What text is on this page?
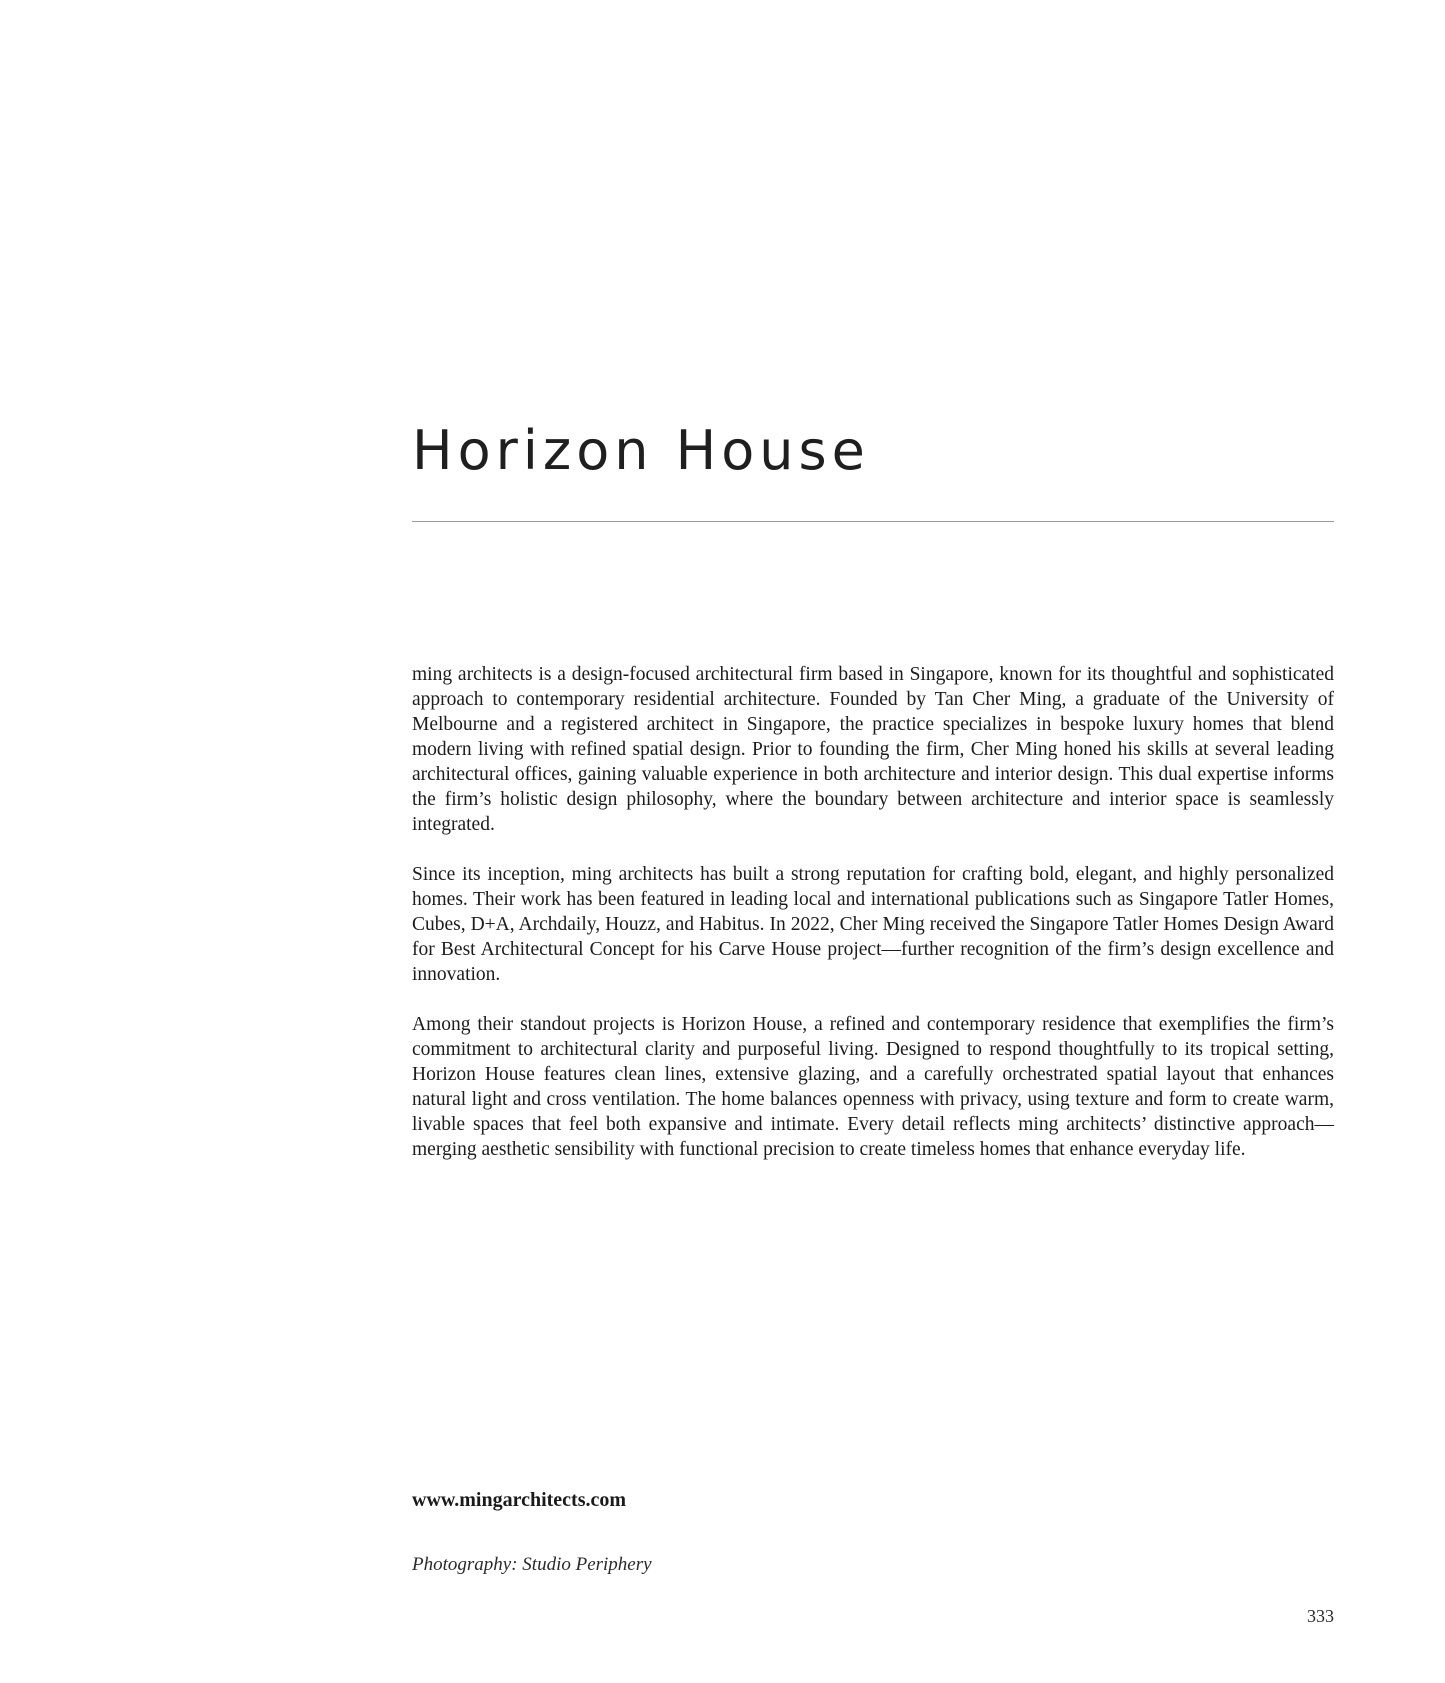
Horizon House

ming architects is a design-focused architectural firm based in Singapore, known for its thoughtful and sophisticated approach to contemporary residential architecture. Founded by Tan Cher Ming, a graduate of the University of Melbourne and a registered architect in Singapore, the practice specializes in bespoke luxury homes that blend modern living with refined spatial design. Prior to founding the firm, Cher Ming honed his skills at several leading architectural offices, gaining valuable experience in both architecture and interior design. This dual expertise informs the firm’s holistic design philosophy, where the boundary between architecture and interior space is seamlessly integrated.

Since its inception, ming architects has built a strong reputation for crafting bold, elegant, and highly personalized homes. Their work has been featured in leading local and international publications such as Singapore Tatler Homes, Cubes, D+A, Archdaily, Houzz, and Habitus. In 2022, Cher Ming received the Singapore Tatler Homes Design Award for Best Architectural Concept for his Carve House project—further recognition of the firm’s design excellence and innovation.

Among their standout projects is Horizon House, a refined and contemporary residence that exemplifies the firm’s commitment to architectural clarity and purposeful living. Designed to respond thoughtfully to its tropical setting, Horizon House features clean lines, extensive glazing, and a carefully orchestrated spatial layout that enhances natural light and cross ventilation. The home balances openness with privacy, using texture and form to create warm, livable spaces that feel both expansive and intimate. Every detail reflects ming architects’ distinctive approach—merging aesthetic sensibility with functional precision to create timeless homes that enhance everyday life.

www.mingarchitects.com
Photography: Studio Periphery
333
